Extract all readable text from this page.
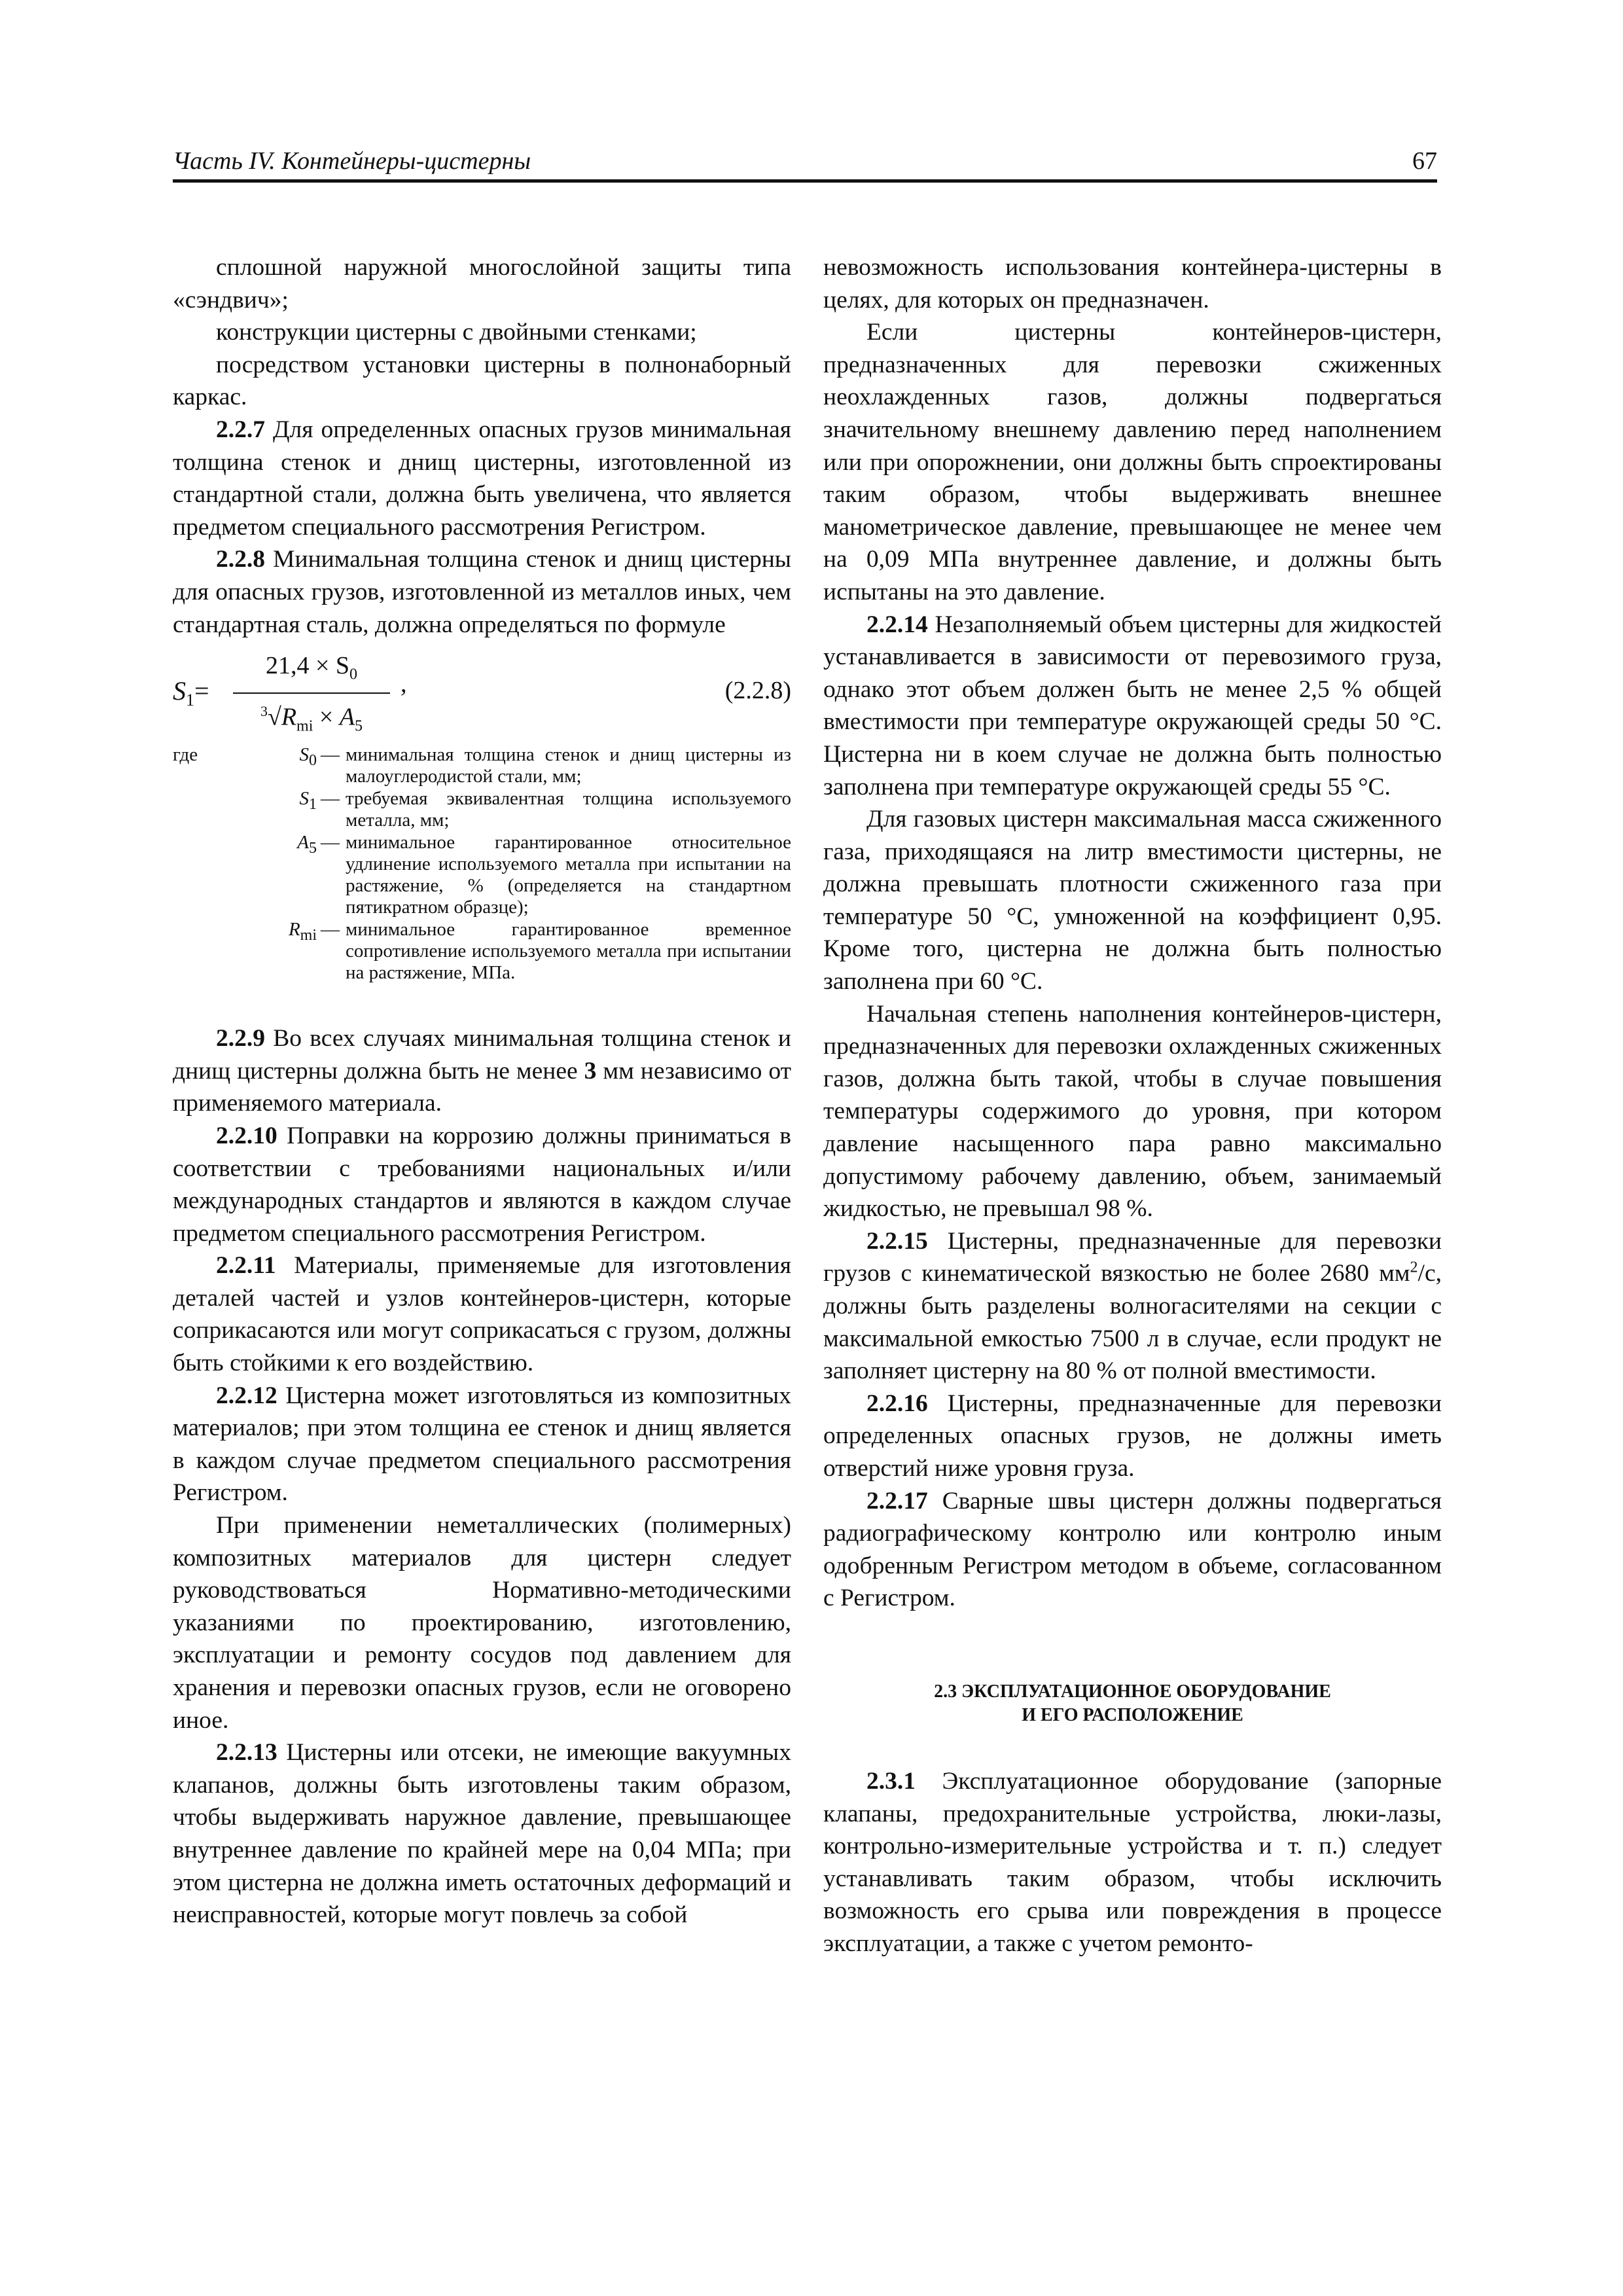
Часть IV. Контейнеры-цистерны	67

сплошной наружной многослойной защиты типа «сэндвич»;

конструкции цистерны с двойными стенками;

посредством установки цистерны в полнонаборный каркас.

2.2.7 Для определенных опасных грузов минимальная толщина стенок и днищ цистерны, изготовленной из стандартной стали, должна быть увеличена, что является предметом специального рассмотрения Регистром.

2.2.8 Минимальная толщина стенок и днищ цистерны для опасных грузов, изготовленной из металлов иных, чем стандартная сталь, должна определяться по формуле

$S_1=$
$21,4 \times S_0$
$^3√R_{mi} \times A_5$
,	(2.2.8)
где	$S_0$ — минимальная толщина стенок и днищ цистерны из малоуглеродистой стали, мм;
$S_1$ — требуемая эквивалентная толщина используемого металла, мм;
$A_5$ — минимальное гарантированное относительное удлинение используемого металла при испытании на растяжение, % (определяется на стандартном пятикратном образце);
$R_{mi}$ — минимальное гарантированное временное сопротивление используемого металла при испытании на растяжение, МПа.

2.2.9 Во всех случаях минимальная толщина стенок и днищ цистерны должна быть не менее 3 мм независимо от применяемого материала.

2.2.10 Поправки на коррозию должны приниматься в соответствии с требованиями национальных и/или международных стандартов и являются в каждом случае предметом специального рассмотрения Регистром.

2.2.11 Материалы, применяемые для изготовления деталей частей и узлов контейнеров-цистерн, которые соприкасаются или могут соприкасаться с грузом, должны быть стойкими к его воздействию.

2.2.12 Цистерна может изготовляться из композитных материалов; при этом толщина ее стенок и днищ является в каждом случае предметом специального рассмотрения Регистром.

При применении неметаллических (полимерных) композитных материалов для цистерн следует руководствоваться Нормативно-методическими указаниями по проектированию, изготовлению, эксплуатации и ремонту сосудов под давлением для хранения и перевозки опасных грузов, если не оговорено иное.

2.2.13 Цистерны или отсеки, не имеющие вакуумных клапанов, должны быть изготовлены таким образом, чтобы выдерживать наружное давление, превышающее внутреннее давление по крайней мере на 0,04 МПа; при этом цистерна не должна иметь остаточных деформаций и неисправностей, которые могут повлечь за собой

невозможность использования контейнера-цистерны в целях, для которых он предназначен.

Если цистерны контейнеров-цистерн, предназначенных для перевозки сжиженных неохлажденных газов, должны подвергаться значительному внешнему давлению перед наполнением или при опорожнении, они должны быть спроектированы таким образом, чтобы выдерживать внешнее манометрическое давление, превышающее не менее чем на 0,09 МПа внутреннее давление, и должны быть испытаны на это давление.

2.2.14 Незаполняемый объем цистерны для жидкостей устанавливается в зависимости от перевозимого груза, однако этот объем должен быть не менее 2,5 % общей вместимости при температуре окружающей среды 50 °С. Цистерна ни в коем случае не должна быть полностью заполнена при температуре окружающей среды 55 °С.

Для газовых цистерн максимальная масса сжиженного газа, приходящаяся на литр вместимости цистерны, не должна превышать плотности сжиженного газа при температуре 50 °С, умноженной на коэффициент 0,95. Кроме того, цистерна не должна быть полностью заполнена при 60 °С.

Начальная степень наполнения контейнеров-цистерн, предназначенных для перевозки охлажденных сжиженных газов, должна быть такой, чтобы в случае повышения температуры содержимого до уровня, при котором давление насыщенного пара равно максимально допустимому рабочему давлению, объем, занимаемый жидкостью, не превышал 98 %.

2.2.15 Цистерны, предназначенные для перевозки грузов с кинематической вязкостью не более 2680 $мм^2/с$, должны быть разделены волногасителями на секции с максимальной емкостью 7500 л в случае, если продукт не заполняет цистерну на 80 % от полной вместимости.

2.2.16 Цистерны, предназначенные для перевозки определенных опасных грузов, не должны иметь отверстий ниже уровня груза.

2.2.17 Сварные швы цистерн должны подвергаться радиографическому контролю или контролю иным одобренным Регистром методом в объеме, согласованном с Регистром.

2.3 ЭКСПЛУАТАЦИОННОЕ ОБОРУДОВАНИЕ
И ЕГО РАСПОЛОЖЕНИЕ

2.3.1 Эксплуатационное оборудование (запорные клапаны, предохранительные устройства, люки-лазы, контрольно-измерительные устройства и т. п.) следует устанавливать таким образом, чтобы исключить возможность его срыва или повреждения в процессе эксплуатации, а также с учетом ремонто-
